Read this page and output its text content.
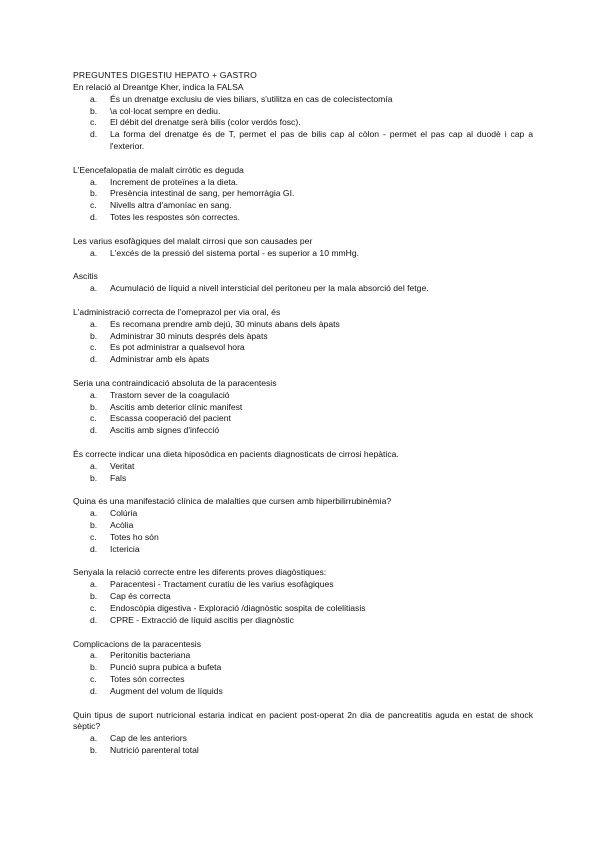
PREGUNTES DIGESTIU HEPATO + GASTRO
En relació al Dreantge Kher, indica la FALSA
a. És un drenatge exclusiu de vies biliars, s'utilitza en cas de colecistectomía
b. \a col·locat sempre en dediu.
c. El débit del drenatge serà bilis (color verdós fosc).
d. La forma del drenatge és de T, permet el pas de bilis cap al còlon - permet el pas cap al duodè i cap a l'exterior.
L'Eencefalopatia de malalt cirròtic es deguda
a. Increment de proteïnes a la dieta.
b. Presència intestinal de sang, per hemorràgia GI.
c. Nivells altra d'amoníac en sang.
d. Totes les respostes són correctes.
Les varius esofàgiques del malalt cirrosi que son causades per
a. L'excés de la pressió del sistema portal - es superior a 10 mmHg.
Ascitis
a. Acumulació de líquid a nivell intersticial del peritoneu per la mala absorció del fetge.
L'administració correcta de l'omeprazol per via oral, és
a. Es recomana prendre amb dejú, 30 minuts abans dels àpats
b. Administrar 30 minuts després dels àpats
c. Es pot administrar a qualsevol hora
d. Administrar amb els àpats
Seria una contraindicació absoluta de la paracentesis
a. Trastorn sever de la coagulació
b. Ascitis amb deterior clínic manifest
c. Escassa cooperació del pacient
d. Ascitis amb signes d'infecció
És correcte indicar una dieta hiposòdica en pacients diagnosticats de cirrosi hepàtica.
a. Veritat
b. Fals
Quina és una manifestació clínica de malalties que cursen amb hiperbilirrubinèmia?
a. Colúria
b. Acòlia
c. Totes ho són
d. Ictericia
Senyala la relació correcte entre les diferents proves diagòstiques:
a. Paracentesi - Tractament curatiu de les varius esofàgiques
b. Cap és correcta
c. Endoscòpia digestiva - Exploració /diagnòstic sospita de colelitiasis
d. CPRE - Extracció de líquid ascitis per diagnòstic
Complicacions de la paracentesis
a. Peritonitis bacteriana
b. Punció supra pubica a bufeta
c. Totes són correctes
d. Augment del volum de líquids
Quin tipus de suport nutricional estaria indicat en pacient post-operat 2n dia de pancreatitis aguda en estat de shock sèptic?
a. Cap de les anteriors
b. Nutrició parenteral total
